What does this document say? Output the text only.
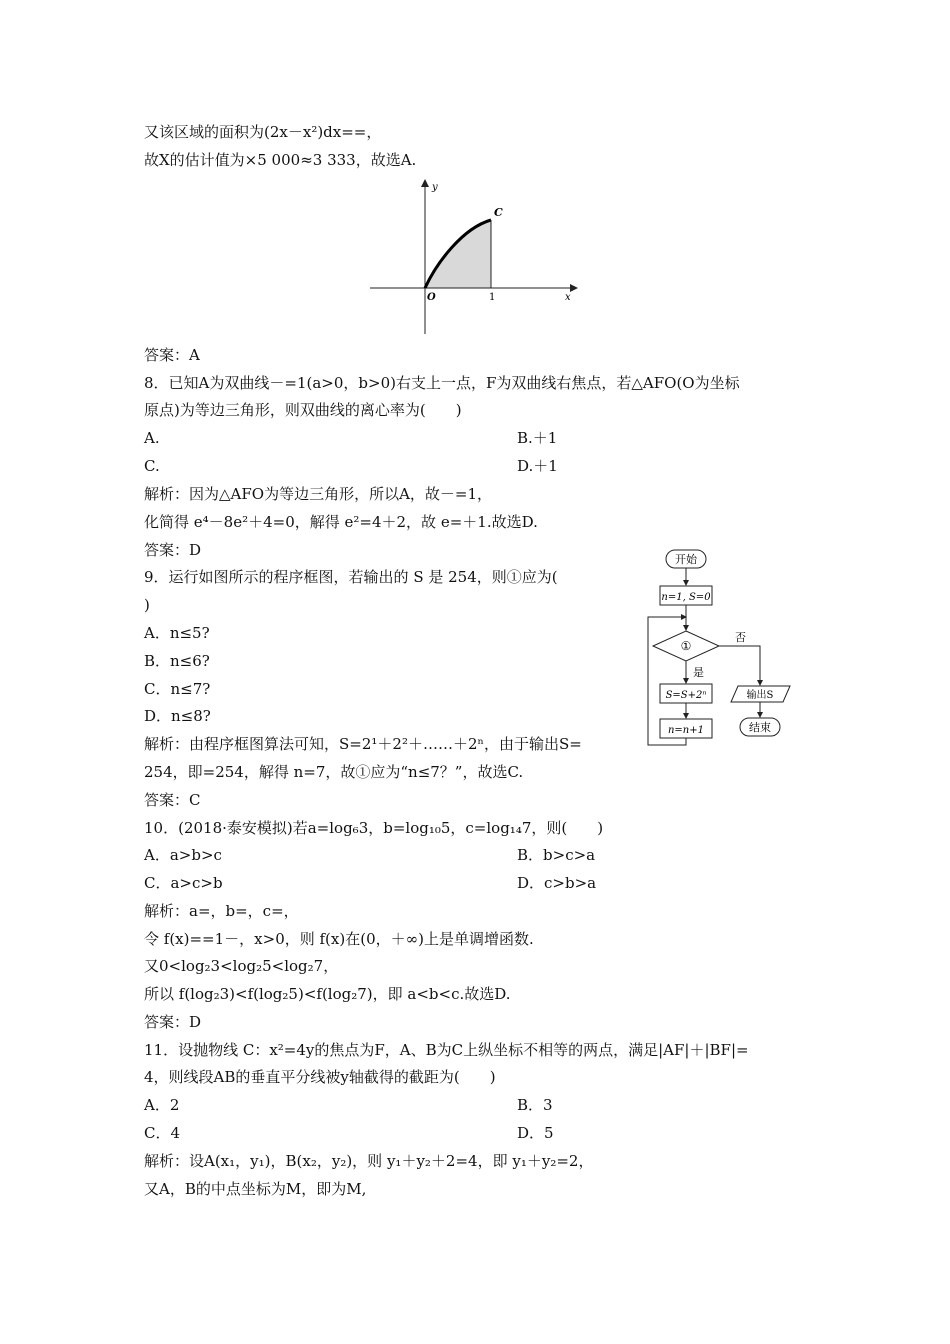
又该区域的面积为(2x－x²)dx==，
故X的估计值为×5 000≈3 333，故选A.
y
x
O	1
C
答案：A
8．已知A为双曲线－=1(a>0，b>0)右支上一点，F为双曲线右焦点，若△AFO(O为坐标
原点)为等边三角形，则双曲线的离心率为(　　)
A.	B.＋1
C.	D.＋1
解析：因为△AFO为等边三角形，所以A，故－=1，
化简得 e⁴－8e²＋4=0，解得 e²=4＋2，故 e=＋1.故选D.
答案：D
9．运行如图所示的程序框图，若输出的 S 是 254，则①应为(
)
A．n≤5?
B．n≤6?
C．n≤7?
D．n≤8?
解析：由程序框图算法可知，S=2¹＋2²＋……＋2ⁿ，由于输出S=
254，即=254，解得 n=7，故①应为“n≤7？”，故选C.
答案：C
开始
n=1, S=0
①
否
是
S=S+2ⁿ
n=n+1
输出S
结束
10．(2018·泰安模拟)若a=log₆3，b=log₁₀5，c=log₁₄7，则(　　)
A．a>b>c	B．b>c>a
C．a>c>b	D．c>b>a
解析：a=，b=，c=，
令 f(x)==1－，x>0，则 f(x)在(0，＋∞)上是单调增函数.
又0<log₂3<log₂5<log₂7，
所以 f(log₂3)<f(log₂5)<f(log₂7)，即 a<b<c.故选D.
答案：D
11．设抛物线 C：x²=4y的焦点为F，A、B为C上纵坐标不相等的两点，满足|AF|＋|BF|=
4，则线段AB的垂直平分线被y轴截得的截距为(　　)
A．2	B．3
C．4	D．5
解析：设A(x₁，y₁)，B(x₂，y₂)，则 y₁＋y₂＋2=4，即 y₁＋y₂=2，
又A，B的中点坐标为M，即为M,
